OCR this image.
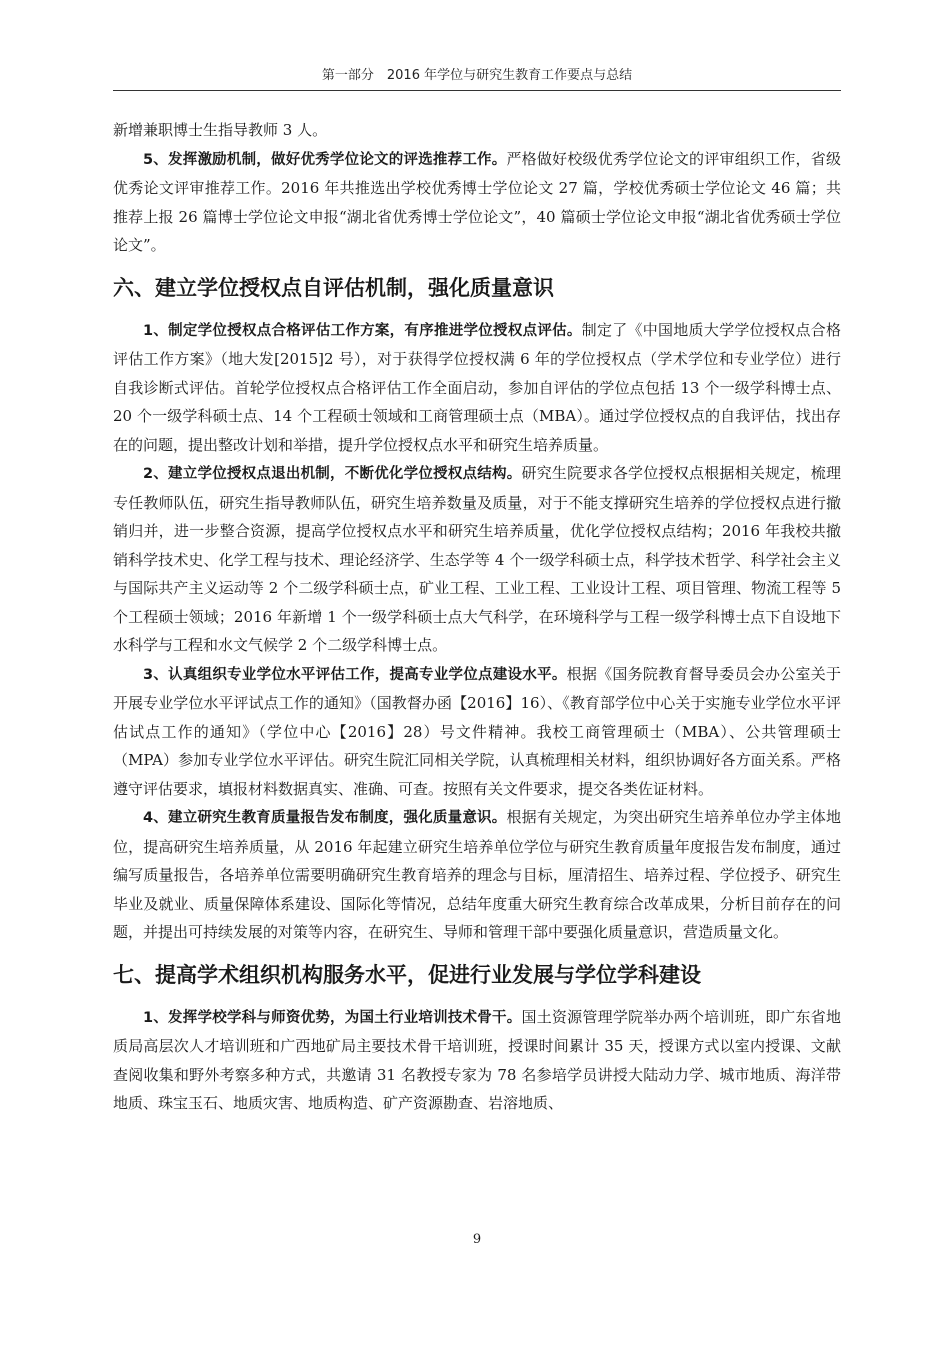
第一部分　2016 年学位与研究生教育工作要点与总结

新增兼职博士生指导教师 3 人。

5、发挥激励机制，做好优秀学位论文的评选推荐工作。严格做好校级优秀学位论文的评审组织工作，省级优秀论文评审推荐工作。2016 年共推选出学校优秀博士学位论文 27 篇，学校优秀硕士学位论文 46 篇；共推荐上报 26 篇博士学位论文申报“湖北省优秀博士学位论文”，40 篇硕士学位论文申报“湖北省优秀硕士学位论文”。

六、建立学位授权点自评估机制，强化质量意识

1、制定学位授权点合格评估工作方案，有序推进学位授权点评估。制定了《中国地质大学学位授权点合格评估工作方案》（地大发[2015]2 号），对于获得学位授权满 6 年的学位授权点（学术学位和专业学位）进行自我诊断式评估。首轮学位授权点合格评估工作全面启动，参加自评估的学位点包括 13 个一级学科博士点、20 个一级学科硕士点、14 个工程硕士领域和工商管理硕士点（MBA）。通过学位授权点的自我评估，找出存在的问题，提出整改计划和举措，提升学位授权点水平和研究生培养质量。

2、建立学位授权点退出机制，不断优化学位授权点结构。研究生院要求各学位授权点根据相关规定，梳理专任教师队伍，研究生指导教师队伍，研究生培养数量及质量，对于不能支撑研究生培养的学位授权点进行撤销归并，进一步整合资源，提高学位授权点水平和研究生培养质量，优化学位授权点结构；2016 年我校共撤销科学技术史、化学工程与技术、理论经济学、生态学等 4 个一级学科硕士点，科学技术哲学、科学社会主义与国际共产主义运动等 2 个二级学科硕士点，矿业工程、工业工程、工业设计工程、项目管理、物流工程等 5 个工程硕士领域；2016 年新增 1 个一级学科硕士点大气科学，在环境科学与工程一级学科博士点下自设地下水科学与工程和水文气候学 2 个二级学科博士点。

3、认真组织专业学位水平评估工作，提高专业学位点建设水平。根据《国务院教育督导委员会办公室关于开展专业学位水平评试点工作的通知》（国教督办函【2016】16）、《教育部学位中心关于实施专业学位水平评估试点工作的通知》（学位中心【2016】28）号文件精神。我校工商管理硕士（MBA）、公共管理硕士（MPA）参加专业学位水平评估。研究生院汇同相关学院，认真梳理相关材料，组织协调好各方面关系。严格遵守评估要求，填报材料数据真实、准确、可查。按照有关文件要求，提交各类佐证材料。

4、建立研究生教育质量报告发布制度，强化质量意识。根据有关规定，为突出研究生培养单位办学主体地位，提高研究生培养质量，从 2016 年起建立研究生培养单位学位与研究生教育质量年度报告发布制度，通过编写质量报告，各培养单位需要明确研究生教育培养的理念与目标，厘清招生、培养过程、学位授予、研究生毕业及就业、质量保障体系建设、国际化等情况，总结年度重大研究生教育综合改革成果，分析目前存在的问题，并提出可持续发展的对策等内容，在研究生、导师和管理干部中要强化质量意识，营造质量文化。

七、提高学术组织机构服务水平，促进行业发展与学位学科建设

1、发挥学校学科与师资优势，为国土行业培训技术骨干。国土资源管理学院举办两个培训班，即广东省地质局高层次人才培训班和广西地矿局主要技术骨干培训班，授课时间累计 35 天，授课方式以室内授课、文献查阅收集和野外考察多种方式，共邀请 31 名教授专家为 78 名参培学员讲授大陆动力学、城市地质、海洋带地质、珠宝玉石、地质灾害、地质构造、矿产资源勘查、岩溶地质、

9
